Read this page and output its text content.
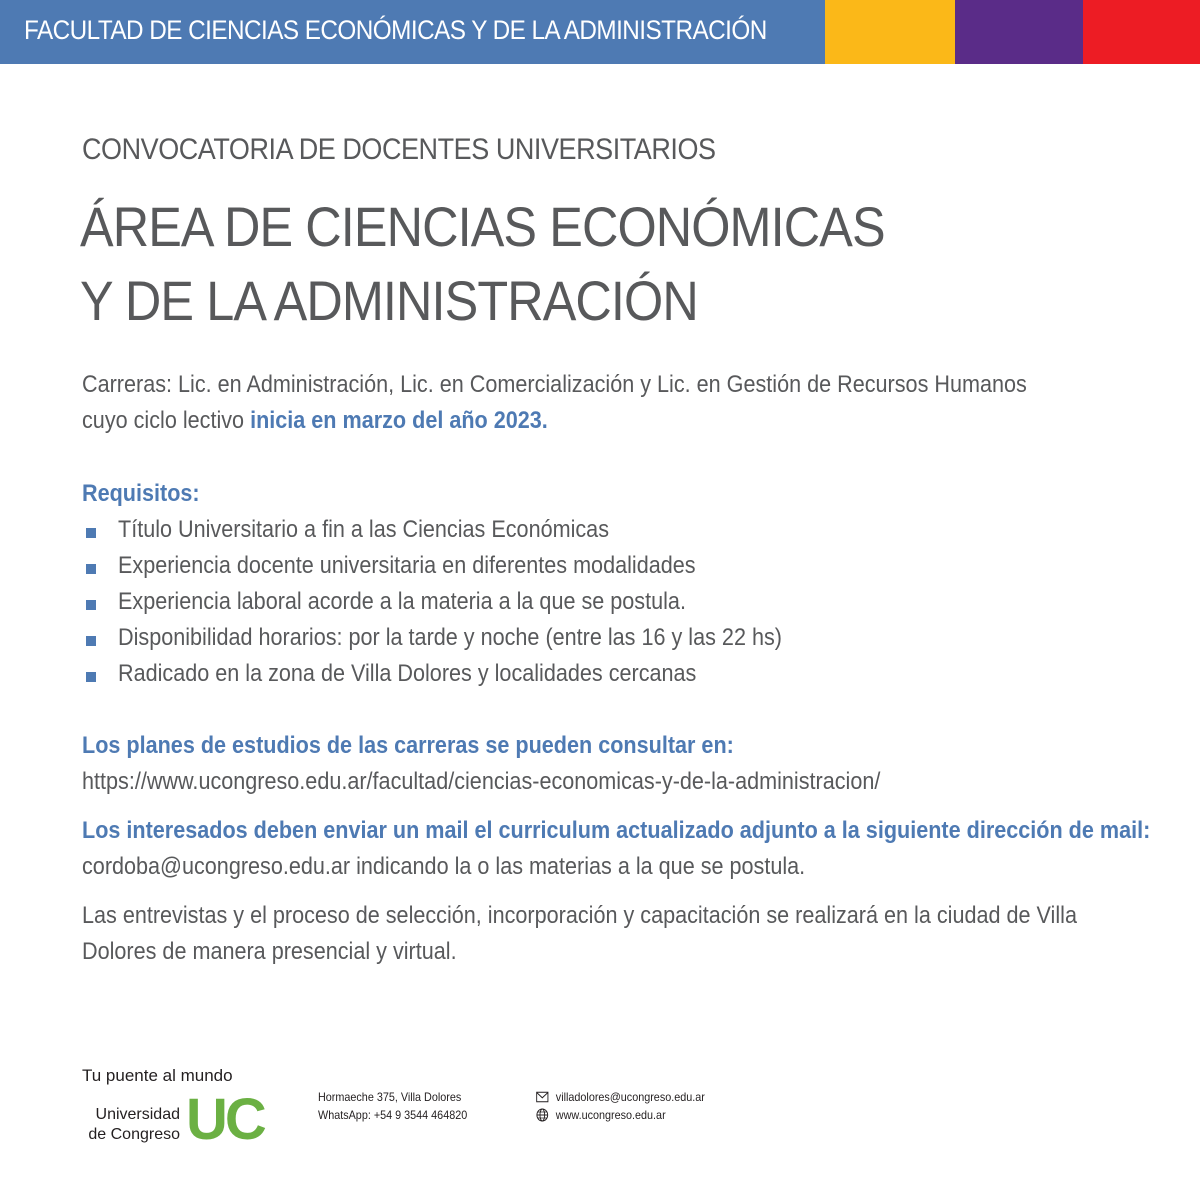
FACULTAD DE CIENCIAS ECONÓMICAS Y DE LA ADMINISTRACIÓN
CONVOCATORIA DE DOCENTES UNIVERSITARIOS
ÁREA DE CIENCIAS ECONÓMICAS
Y DE LA ADMINISTRACIÓN
Carreras: Lic. en Administración, Lic. en Comercialización y Lic. en Gestión de Recursos Humanos
cuyo ciclo lectivo inicia en marzo del año 2023.
Requisitos:
Título Universitario a fin a las Ciencias Económicas
Experiencia docente universitaria en diferentes modalidades
Experiencia laboral acorde a la materia a la que se postula.
Disponibilidad horarios: por la tarde y noche (entre las 16 y las 22 hs)
Radicado en la zona de Villa Dolores y localidades cercanas
Los planes de estudios de las carreras se pueden consultar en:
https://www.ucongreso.edu.ar/facultad/ciencias-economicas-y-de-la-administracion/
Los interesados deben enviar un mail el curriculum actualizado adjunto a la siguiente dirección de mail:
cordoba@ucongreso.edu.ar indicando la o las materias a la que se postula.
Las entrevistas y el proceso de selección, incorporación y capacitación se realizará en la ciudad de Villa
Dolores de manera presencial y virtual.
Tu puente al mundo
Universidad
de Congreso UC	Hormaeche 375, Villa Dolores
WhatsApp: +54 9 3544 464820
villadolores@ucongreso.edu.ar
www.ucongreso.edu.ar
